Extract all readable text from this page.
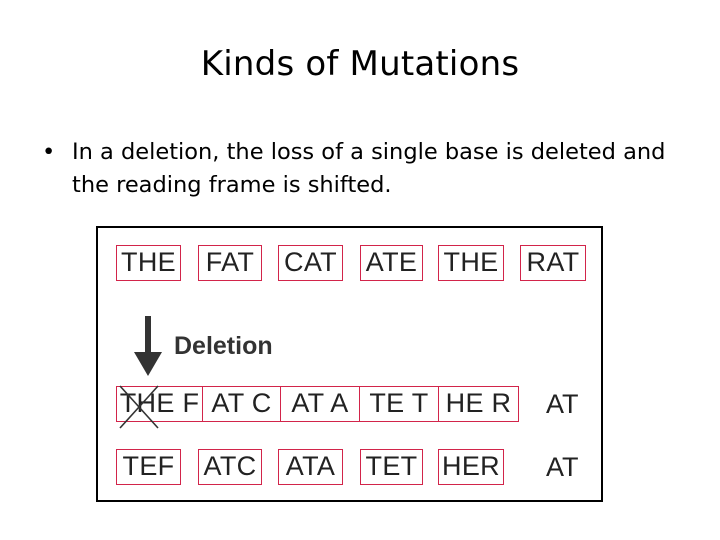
Kinds of Mutations
• In a deletion, the loss of a single base is deleted and the reading frame is shifted.
THE FAT CAT ATE THE RAT
Deletion
THE F AT C AT A TE T HE R AT
TEF ATC ATA TET HER AT
